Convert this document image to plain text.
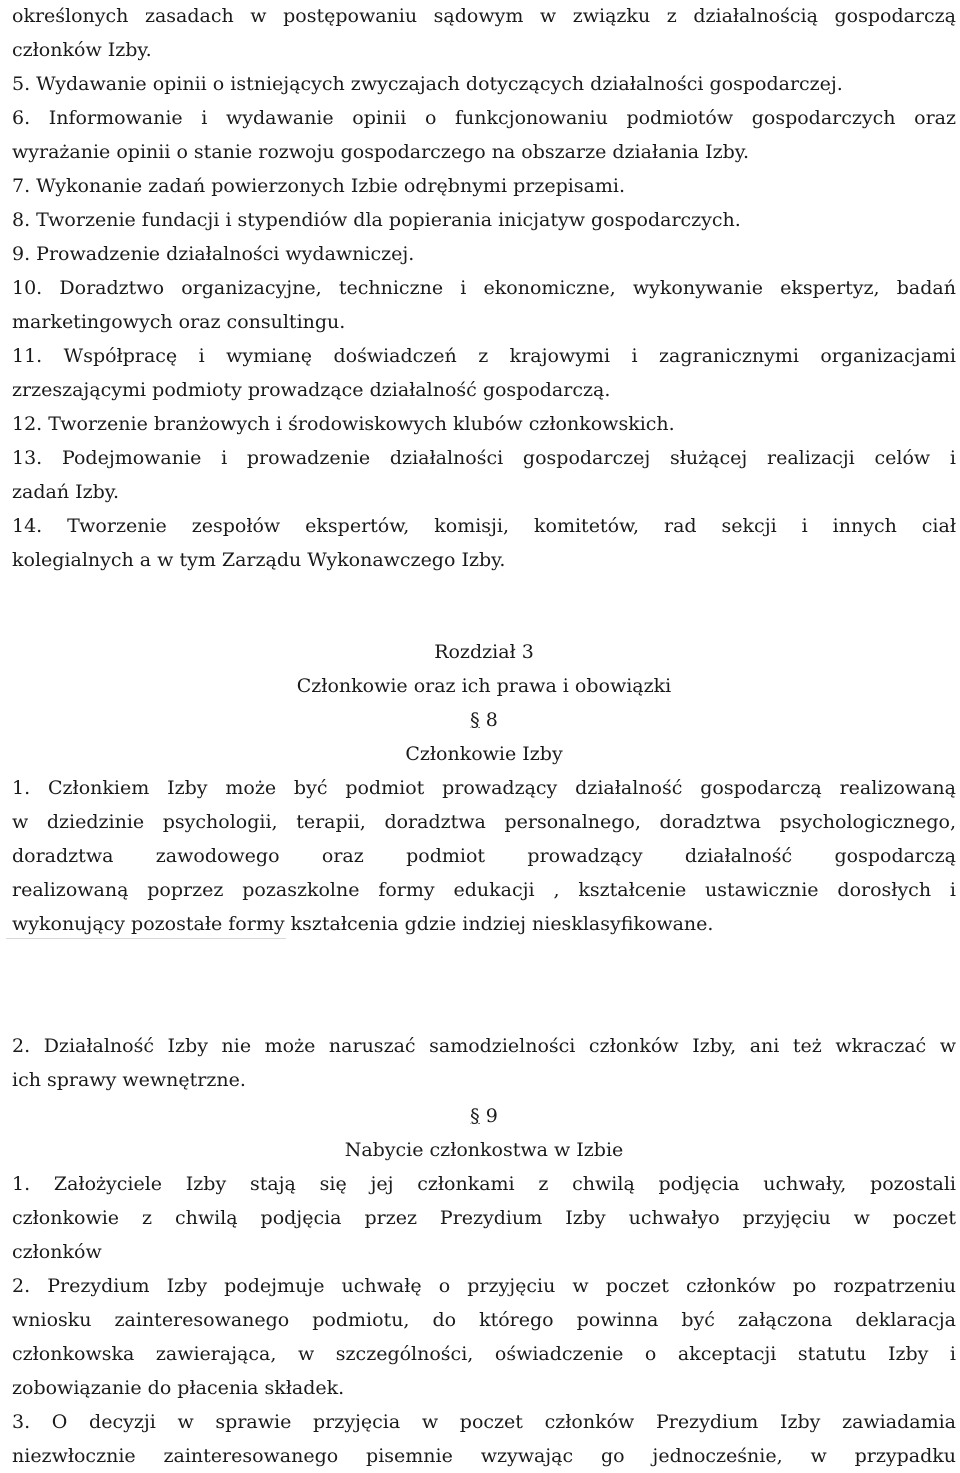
określonych zasadach w postępowaniu sądowym w związku z działalnością gospodarczą
członków Izby.
5. Wydawanie opinii o istniejących zwyczajach dotyczących działalności gospodarczej.
6. Informowanie i wydawanie opinii o funkcjonowaniu podmiotów gospodarczych oraz
wyrażanie opinii o stanie rozwoju gospodarczego na obszarze działania Izby.
7. Wykonanie zadań powierzonych Izbie odrębnymi przepisami.
8. Tworzenie fundacji i stypendiów dla popierania inicjatyw gospodarczych.
9. Prowadzenie działalności wydawniczej.
10. Doradztwo organizacyjne, techniczne i ekonomiczne, wykonywanie ekspertyz, badań
marketingowych oraz consultingu.
11. Współpracę i wymianę doświadczeń z krajowymi i zagranicznymi organizacjami
zrzeszającymi podmioty prowadzące działalność gospodarczą.
12. Tworzenie branżowych i środowiskowych klubów członkowskich.
13. Podejmowanie i prowadzenie działalności gospodarczej służącej realizacji celów i
zadań Izby.
14. Tworzenie zespołów ekspertów, komisji, komitetów, rad sekcji i innych ciał
kolegialnych a w tym Zarządu Wykonawczego Izby.
Rozdział 3
Członkowie oraz ich prawa i obowiązki
§ 8
Członkowie Izby
1. Członkiem Izby może być podmiot prowadzący działalność gospodarczą realizowaną
w dziedzinie psychologii, terapii, doradztwa personalnego, doradztwa psychologicznego,
doradztwa zawodowego oraz podmiot prowadzący działalność gospodarczą
realizowaną poprzez pozaszkolne formy edukacji , kształcenie ustawicznie dorosłych i
wykonujący pozostałe formy kształcenia gdzie indziej niesklasyfikowane.
2. Działalność Izby nie może naruszać samodzielności członków Izby, ani też wkraczać w
ich sprawy wewnętrzne.
§ 9
Nabycie członkostwa w Izbie
1. Założyciele Izby stają się jej członkami z chwilą podjęcia uchwały, pozostali
członkowie z chwilą podjęcia przez Prezydium Izby uchwałyo przyjęciu w poczet
członków
2. Prezydium Izby podejmuje uchwałę o przyjęciu w poczet członków po rozpatrzeniu
wniosku zainteresowanego podmiotu, do którego powinna być załączona deklaracja
członkowska zawierająca, w szczególności, oświadczenie o akceptacji statutu Izby i
zobowiązanie do płacenia składek.
3. O decyzji w sprawie przyjęcia w poczet członków Prezydium Izby zawiadamia
niezwłocznie zainteresowanego pisemnie wzywając go jednocześnie, w przypadku
